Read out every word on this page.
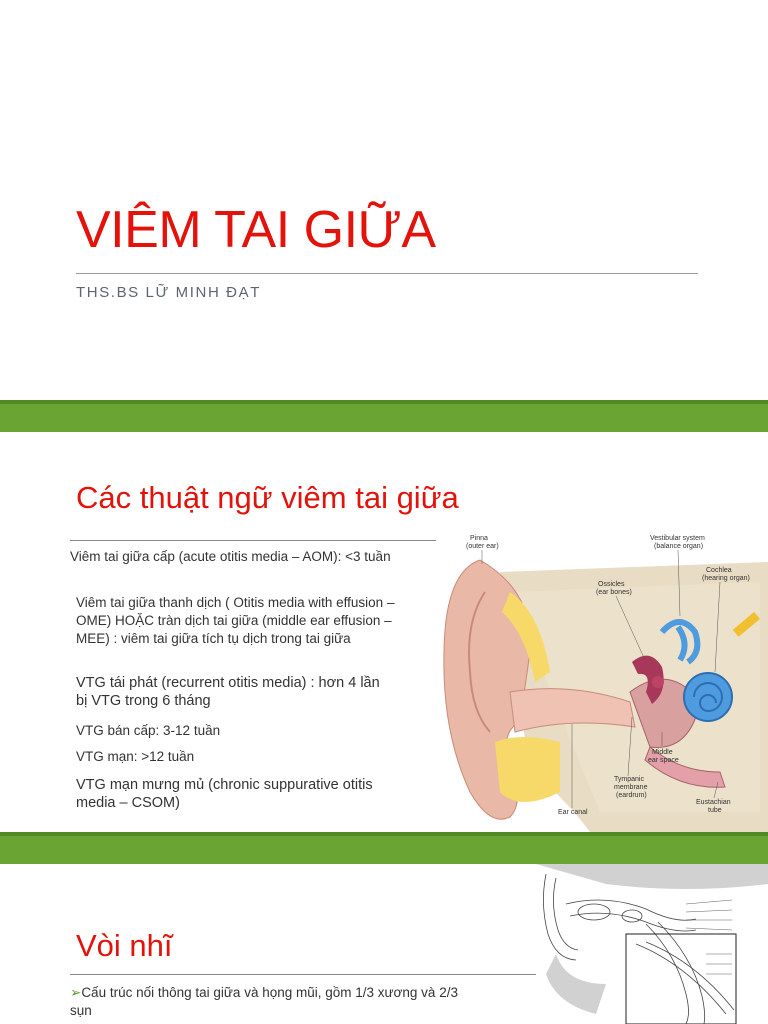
VIÊM TAI GIỮA
THS.BS LỮ MINH ĐẠT
Các thuật ngữ viêm tai giữa
Viêm tai giữa cấp (acute otitis media – AOM): <3 tuần
Viêm tai giữa thanh dịch ( Otitis media with effusion – OME) HOẶC tràn dịch tai giữa (middle ear effusion – MEE) : viêm tai giữa tích tụ dịch trong tai giữa
VTG tái phát (recurrent otitis media) : hơn 4 lần bị VTG trong 6 tháng
VTG bán cấp: 3-12 tuần
VTG mạn: >12 tuần
VTG mạn mưng mủ (chronic suppurative otitis media – CSOM)
Pinna
(outer ear)
Vestibular system
(balance organ)
Cochlea
(hearing organ)
Ossicles
(ear bones)
Middle
ear space
Tympanic
membrane
(eardrum)
Ear canal
Eustachian
tube
Vòi nhĩ
➢Cấu trúc nối thông tai giữa và họng mũi, gồm 1/3 xương và 2/3 sụn
